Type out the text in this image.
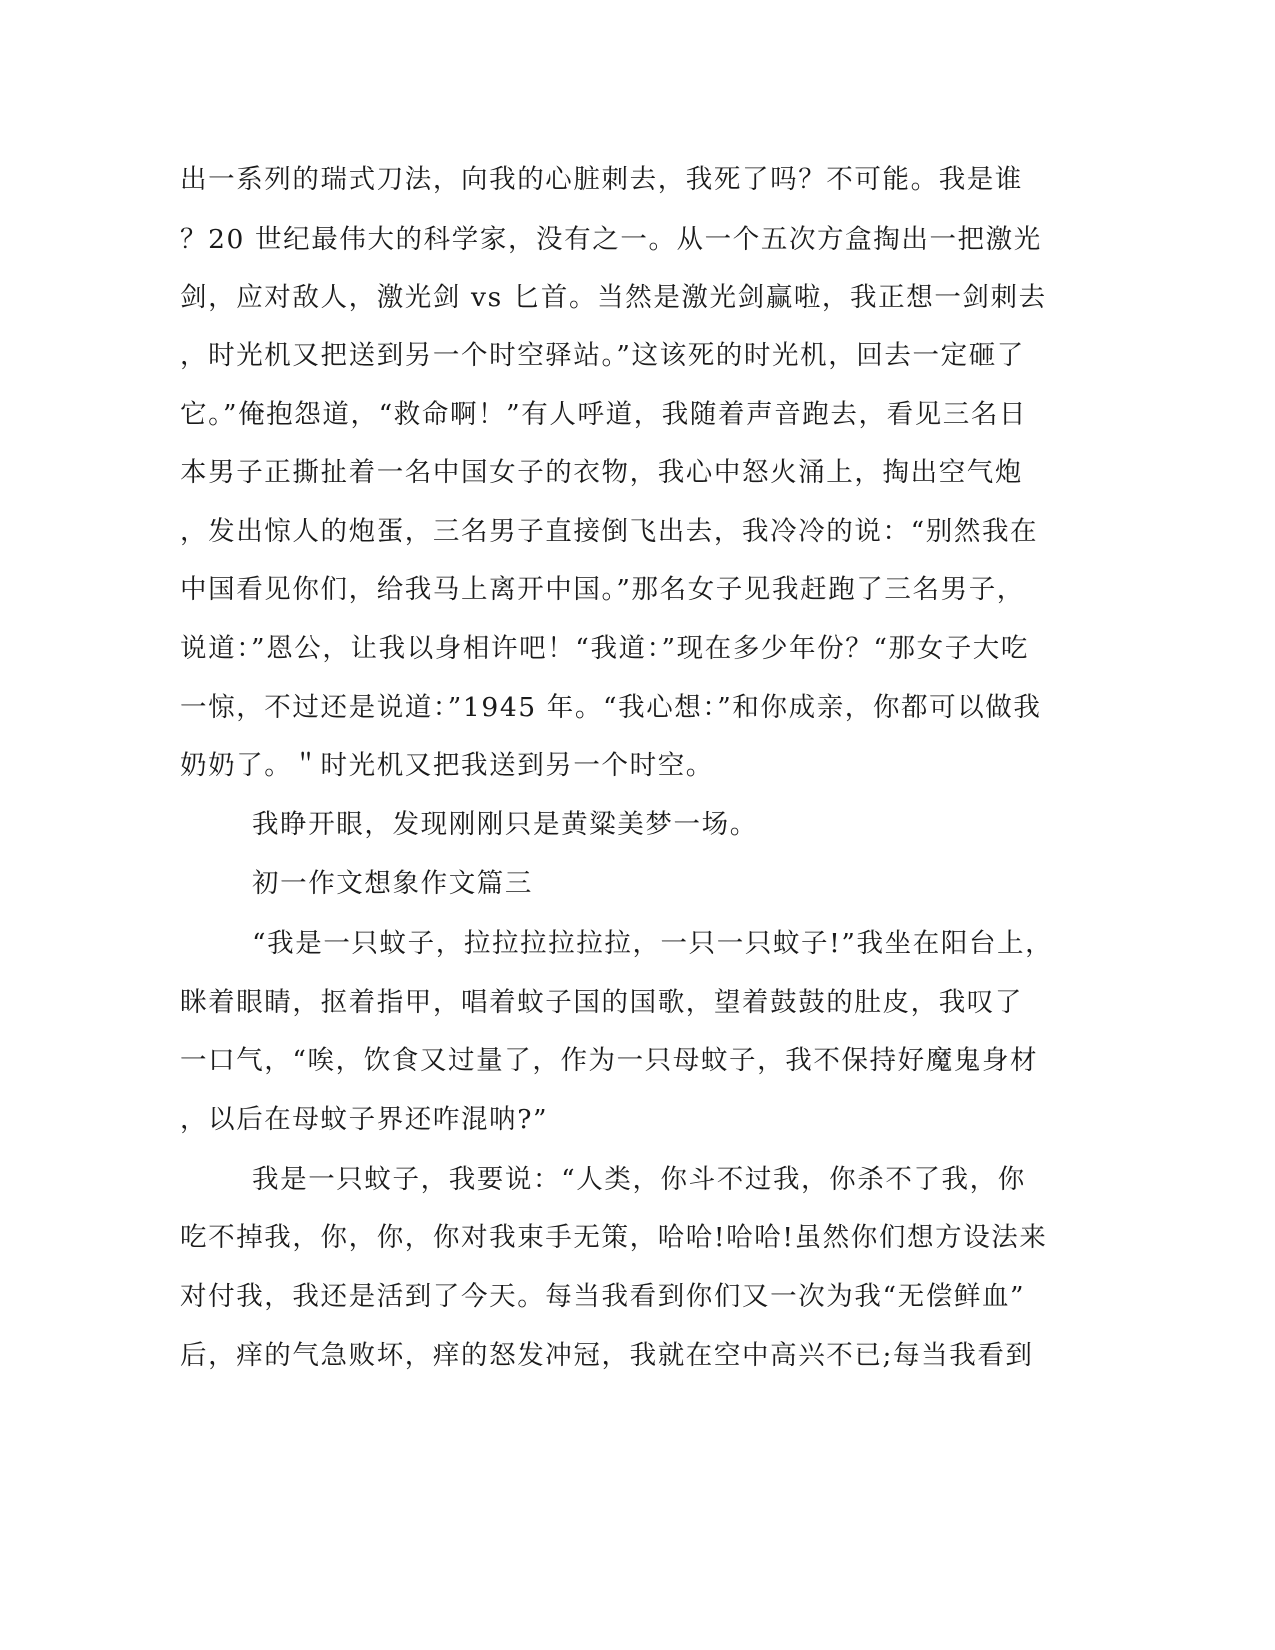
出一系列的瑞式刀法，向我的心脏刺去，我死了吗？不可能。我是谁
？20 世纪最伟大的科学家，没有之一。从一个五次方盒掏出一把激光
剑，应对敌人，激光剑 vs 匕首。当然是激光剑赢啦，我正想一剑刺去
，时光机又把送到另一个时空驿站。”这该死的时光机，回去一定砸了
它。”俺抱怨道，“救命啊！”有人呼道，我随着声音跑去，看见三名日
本男子正撕扯着一名中国女子的衣物，我心中怒火涌上，掏出空气炮
，发出惊人的炮蛋，三名男子直接倒飞出去，我冷冷的说：“别然我在
中国看见你们，给我马上离开中国。”那名女子见我赶跑了三名男子，
说道：”恩公，让我以身相许吧！“我道：”现在多少年份？“那女子大吃
一惊，不过还是说道：”1945 年。“我心想：”和你成亲，你都可以做我
奶奶了。＂时光机又把我送到另一个时空。
我睁开眼，发现刚刚只是黄粱美梦一场。
初一作文想象作文篇三
“我是一只蚊子，拉拉拉拉拉拉，一只一只蚊子!”我坐在阳台上，
眯着眼睛，抠着指甲，唱着蚊子国的国歌，望着鼓鼓的肚皮，我叹了
一口气，“唉，饮食又过量了，作为一只母蚊子，我不保持好魔鬼身材
，以后在母蚊子界还咋混呐?”
我是一只蚊子，我要说：“人类，你斗不过我，你杀不了我，你
吃不掉我，你，你，你对我束手无策，哈哈!哈哈!虽然你们想方设法来
对付我，我还是活到了今天。每当我看到你们又一次为我“无偿鲜血”
后，痒的气急败坏，痒的怒发冲冠，我就在空中高兴不已;每当我看到
